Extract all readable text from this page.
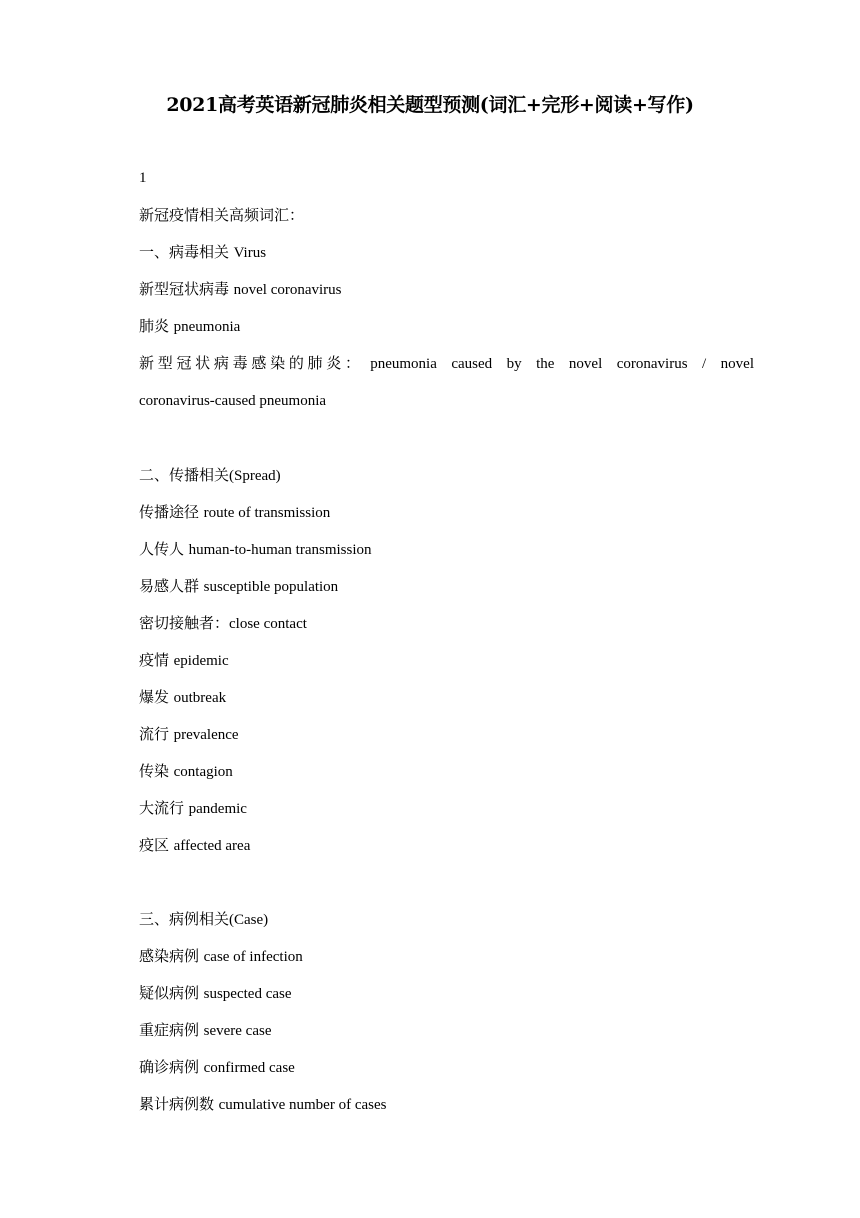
2021高考英语新冠肺炎相关题型预测(词汇+完形+阅读+写作)
1
新冠疫情相关高频词汇：
一、病毒相关 Virus
新型冠状病毒 novel coronavirus
肺炎 pneumonia
新型冠状病毒感染的肺炎： pneumonia caused by the novel coronavirus / novel
coronavirus-caused pneumonia
二、传播相关(Spread)
传播途径 route of transmission
人传人 human-to-human transmission
易感人群 susceptible population
密切接触者：close contact
疫情 epidemic
爆发 outbreak
流行 prevalence
传染 contagion
大流行 pandemic
疫区 affected area
三、病例相关(Case)
感染病例 case of infection
疑似病例 suspected case
重症病例 severe case
确诊病例 confirmed case
累计病例数 cumulative number of cases
